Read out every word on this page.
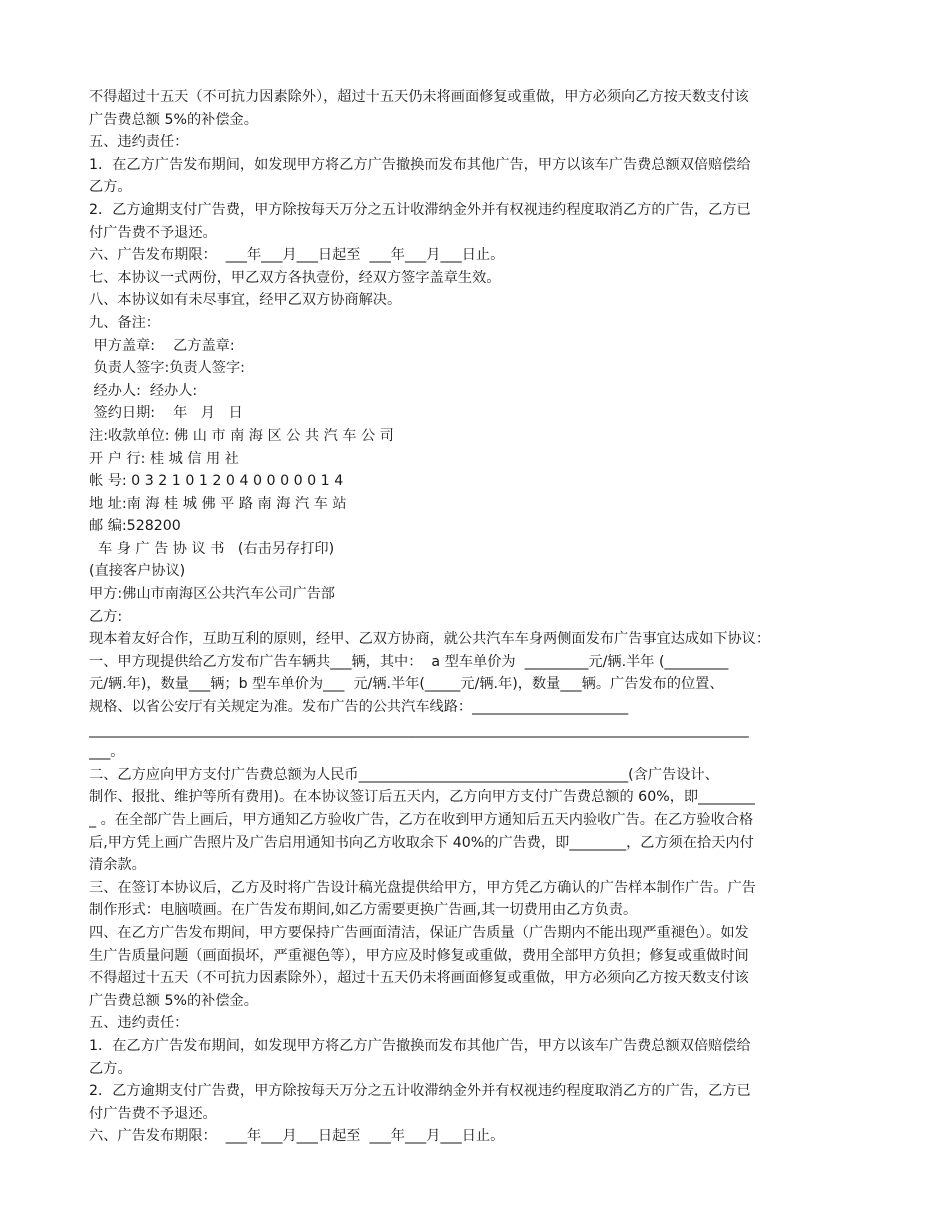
不得超过十五天（不可抗力因素除外），超过十五天仍未将画面修复或重做，甲方必须向乙方按天数支付该
广告费总额 5%的补偿金。
五、违约责任：
1．在乙方广告发布期间，如发现甲方将乙方广告撤换而发布其他广告，甲方以该车广告费总额双倍赔偿给
乙方。
2．乙方逾期支付广告费，甲方除按每天万分之五计收滞纳金外并有权视违约程度取消乙方的广告，乙方已
付广告费不予退还。
六、广告发布期限：  ___年___月___日起至  ___年___月___日止。
七、本协议一式两份，甲乙双方各执壹份，经双方签字盖章生效。
八、本协议如有未尽事宜，经甲乙双方协商解决。
九、备注：
甲方盖章:    乙方盖章:
负责人签字:负责人签字:
经办人:  经办人:
签约日期:    年   月   日
注:收款单位: 佛 山 市 南 海 区 公 共 汽 车 公 司
开 户 行: 桂 城 信 用 社
帐 号: 0 3 2 1 0 1 2 0 4 0 0 0 0 0 1 4
地 址:南 海 桂 城 佛 平 路 南 海 汽 车 站
邮 编:528200
车 身 广 告 协 议 书   (右击另存打印)
(直接客户协议)
甲方:佛山市南海区公共汽车公司广告部
乙方:
现本着友好合作，互助互利的原则，经甲、乙双方协商，就公共汽车车身两侧面发布广告事宜达成如下协议：
一、甲方现提供给乙方发布广告车辆共___辆，其中：  a 型车单价为  _________元/辆.半年 (_________
元/辆.年)，数量___辆；b 型车单价为___  元/辆.半年(_____元/辆.年)，数量___辆。广告发布的位置、
规格、以省公安厅有关规定为准。发布广告的公共汽车线路：______________________
_____________________________________________________________________________________________
___。
二、乙方应向甲方支付广告费总额为人民币______________________________________(含广告设计、
制作、报批、维护等所有费用)。在本协议签订后五天内，乙方向甲方支付广告费总额的 60%，即________
_ 。在全部广告上画后，甲方通知乙方验收广告，乙方在收到甲方通知后五天内验收广告。在乙方验收合格
后,甲方凭上画广告照片及广告启用通知书向乙方收取余下 40%的广告费，即________，乙方须在拾天内付
清余款。
三、在签订本协议后，乙方及时将广告设计稿光盘提供给甲方，甲方凭乙方确认的广告样本制作广告。广告
制作形式：电脑喷画。在广告发布期间,如乙方需要更换广告画,其一切费用由乙方负责。
四、在乙方广告发布期间，甲方要保持广告画面清洁，保证广告质量（广告期内不能出现严重褪色）。如发
生广告质量问题（画面损坏，严重褪色等），甲方应及时修复或重做，费用全部甲方负担；修复或重做时间
不得超过十五天（不可抗力因素除外），超过十五天仍未将画面修复或重做，甲方必须向乙方按天数支付该
广告费总额 5%的补偿金。
五、违约责任：
1．在乙方广告发布期间，如发现甲方将乙方广告撤换而发布其他广告，甲方以该车广告费总额双倍赔偿给
乙方。
2．乙方逾期支付广告费，甲方除按每天万分之五计收滞纳金外并有权视违约程度取消乙方的广告，乙方已
付广告费不予退还。
六、广告发布期限：  ___年___月___日起至  ___年___月___日止。
